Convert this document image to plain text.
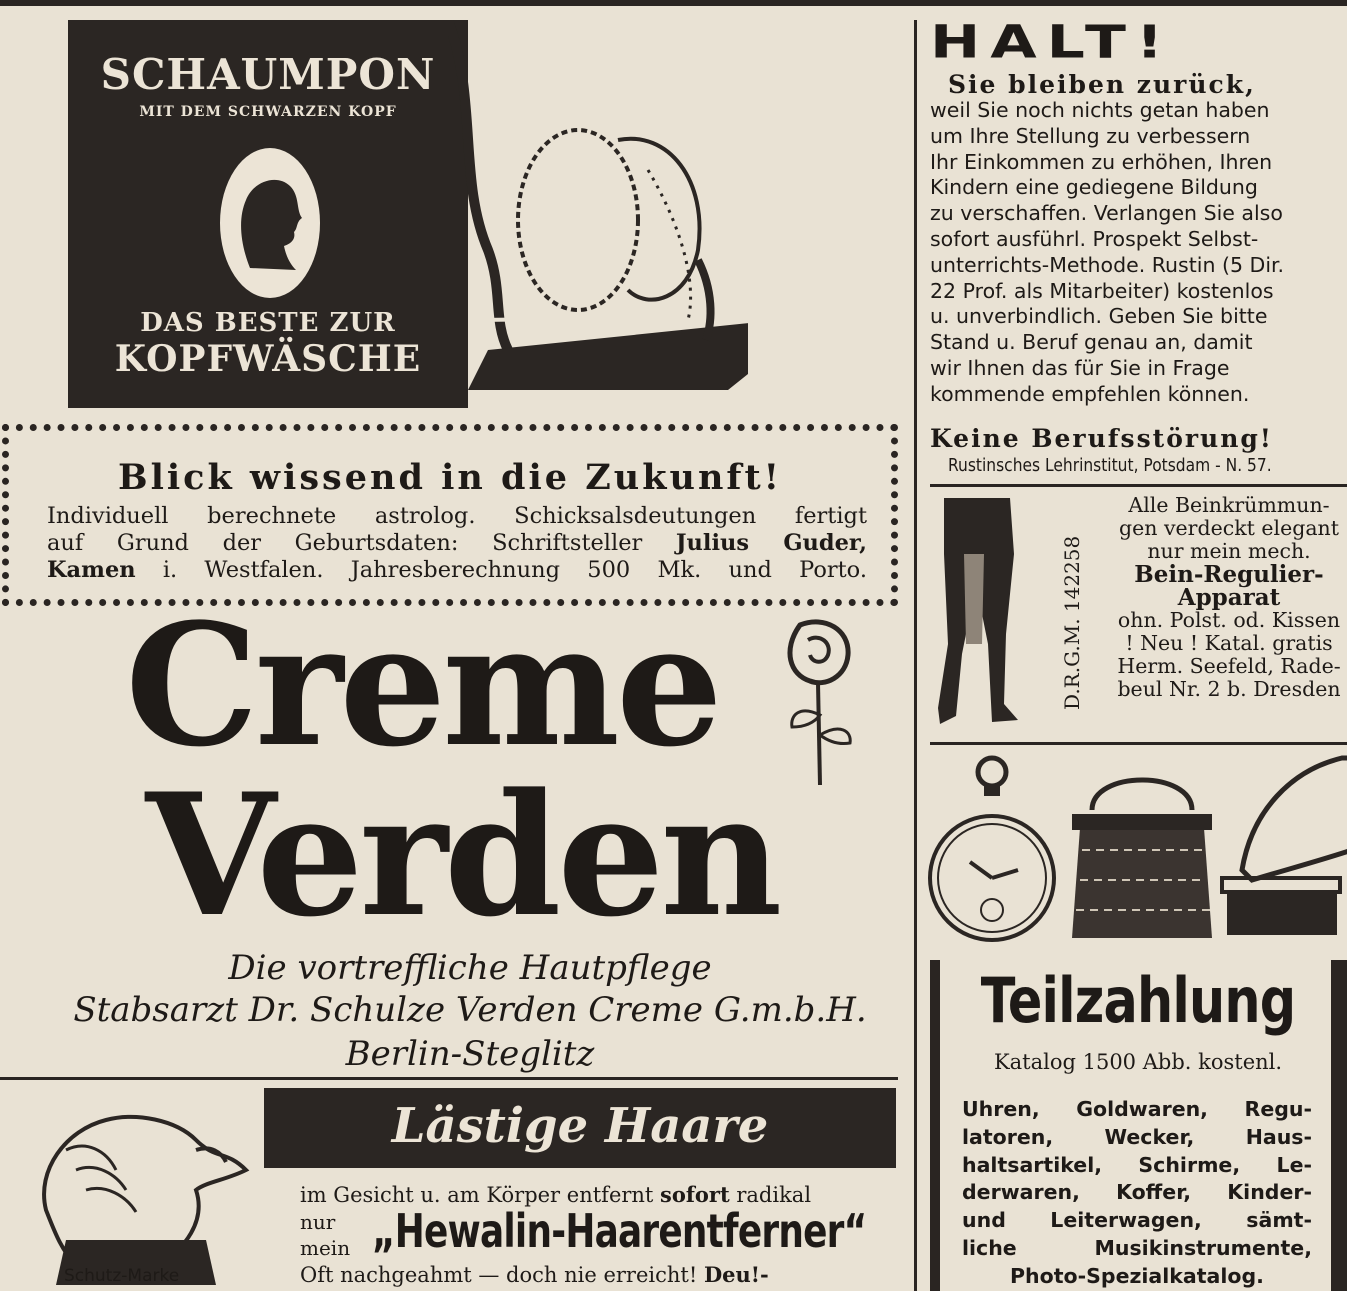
SCHAUMPON
MIT DEM SCHWARZEN KOPF
DAS BESTE ZUR
KOPFWÄSCHE
Blick wissend in die Zukunft!
Individuell berechnete astrolog. Schicksalsdeutungen fertigt
auf Grund der Geburtsdaten: Schriftsteller Julius Guder,
Kamen i. Westfalen. Jahresberechnung 500 Mk. und Porto.
Creme
Verden
Die vortreffliche Hautpflege
Stabsarzt Dr. Schulze Verden Creme G.m.b.H.
Berlin-Steglitz
Schutz-Marke
Lästige Haare
im Gesicht u. am Körper entfernt sofort radikal
nur
mein „Hewalin-Haarentferner“
Oft nachgeahmt — doch nie erreicht! Deu!-
HALT!
Sie bleiben zurück,
weil Sie noch nichts getan haben
um Ihre Stellung zu verbessern
Ihr Einkommen zu erhöhen, Ihren
Kindern eine gediegene Bildung
zu verschaffen. Verlangen Sie also
sofort ausführl. Prospekt Selbst-
unterrichts-Methode. Rustin (5 Dir.
22 Prof. als Mitarbeiter) kostenlos
u. unverbindlich. Geben Sie bitte
Stand u. Beruf genau an, damit
wir Ihnen das für Sie in Frage
kommende empfehlen können.
Keine Berufsstörung!
Rustinsches Lehrinstitut, Potsdam - N. 57.
D.R.G.M. 142258
Alle Beinkrümmun-
gen verdeckt elegant
nur mein mech.
Bein-Regulier-
Apparat
ohn. Polst. od. Kissen
! Neu ! Katal. gratis
Herm. Seefeld, Rade-
beul Nr. 2 b. Dresden
Teilzahlung
Katalog 1500 Abb. kostenl.
Uhren, Goldwaren, Regu-
latoren, Wecker, Haus-
haltsartikel, Schirme, Le-
derwaren, Koffer, Kinder-
und Leiterwagen, sämt-
liche Musikinstrumente,
Photo-Spezialkatalog.
